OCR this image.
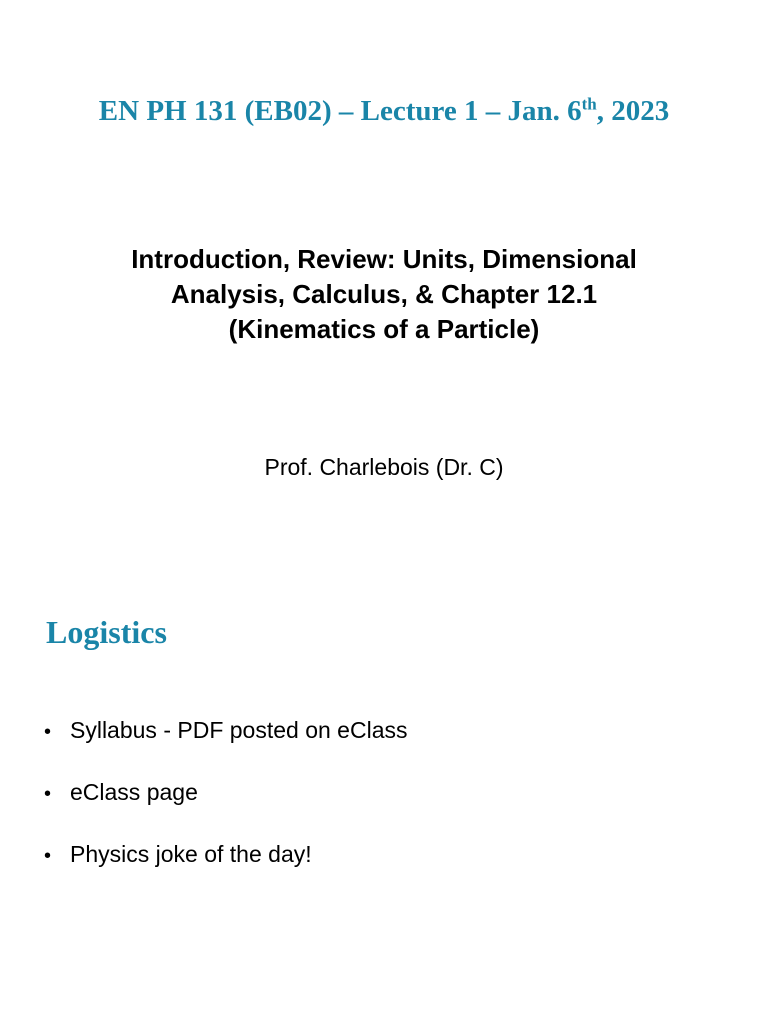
EN PH 131 (EB02) – Lecture 1 – Jan. 6th, 2023
Introduction, Review: Units, Dimensional
Analysis, Calculus, & Chapter 12.1
(Kinematics of a Particle)
Prof. Charlebois (Dr. C)
Logistics
• Syllabus - PDF posted on eClass
• eClass page
• Physics joke of the day!
